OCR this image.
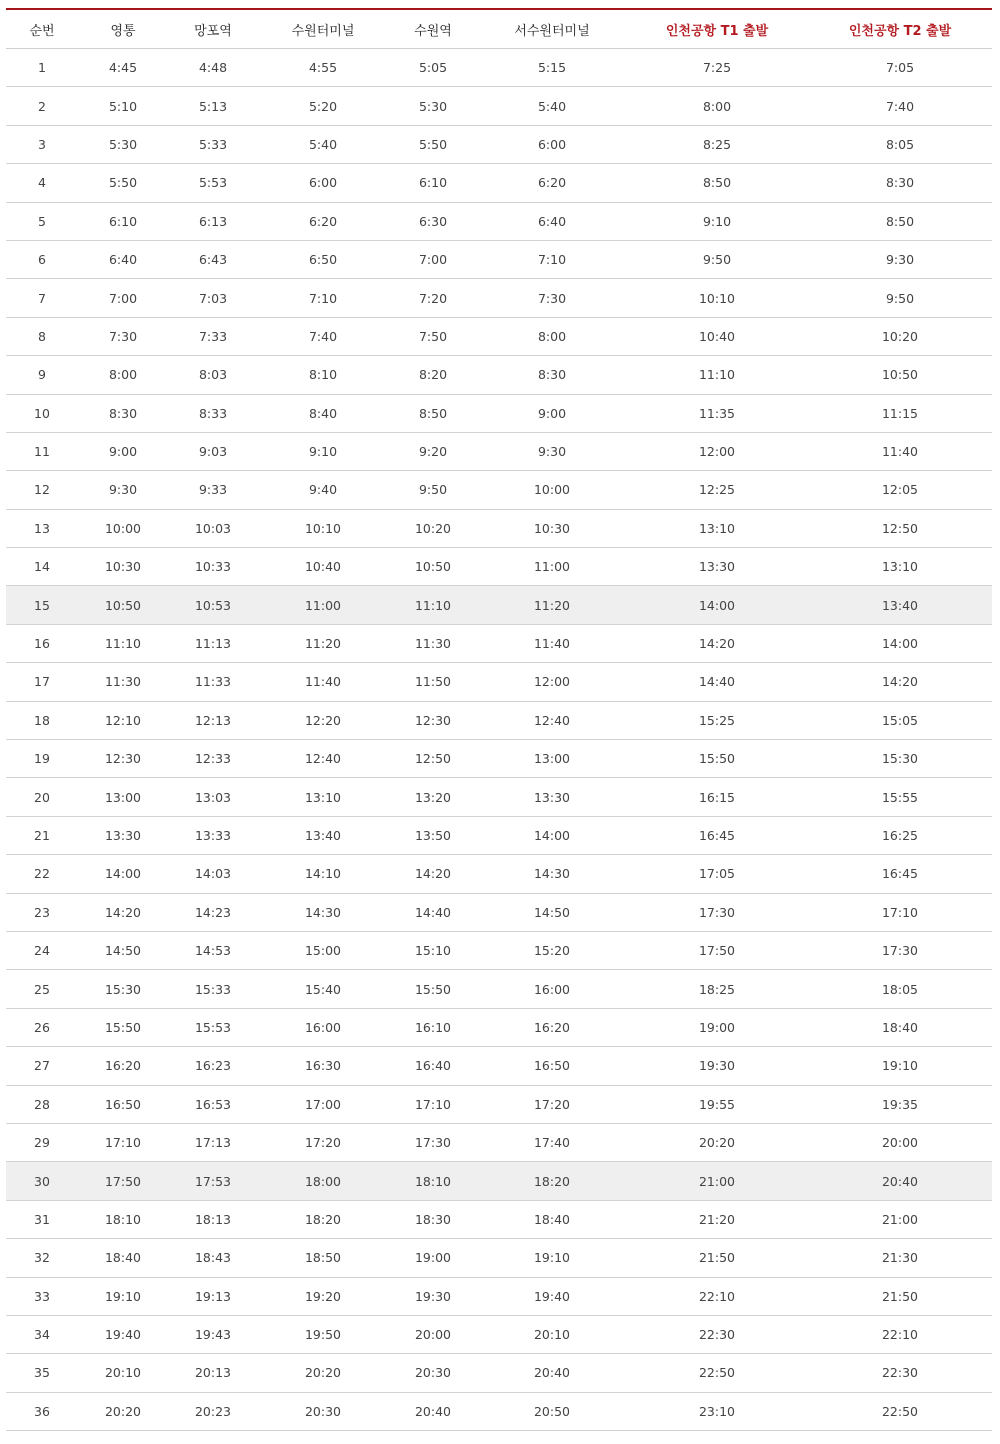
순번	영통	망포역	수원터미널	수원역	서수원터미널	인천공항 T1 출발	인천공항 T2 출발
1	4:45	4:48	4:55	5:05	5:15	7:25	7:05
2	5:10	5:13	5:20	5:30	5:40	8:00	7:40
3	5:30	5:33	5:40	5:50	6:00	8:25	8:05
4	5:50	5:53	6:00	6:10	6:20	8:50	8:30
5	6:10	6:13	6:20	6:30	6:40	9:10	8:50
6	6:40	6:43	6:50	7:00	7:10	9:50	9:30
7	7:00	7:03	7:10	7:20	7:30	10:10	9:50
8	7:30	7:33	7:40	7:50	8:00	10:40	10:20
9	8:00	8:03	8:10	8:20	8:30	11:10	10:50
10	8:30	8:33	8:40	8:50	9:00	11:35	11:15
11	9:00	9:03	9:10	9:20	9:30	12:00	11:40
12	9:30	9:33	9:40	9:50	10:00	12:25	12:05
13	10:00	10:03	10:10	10:20	10:30	13:10	12:50
14	10:30	10:33	10:40	10:50	11:00	13:30	13:10
15	10:50	10:53	11:00	11:10	11:20	14:00	13:40
16	11:10	11:13	11:20	11:30	11:40	14:20	14:00
17	11:30	11:33	11:40	11:50	12:00	14:40	14:20
18	12:10	12:13	12:20	12:30	12:40	15:25	15:05
19	12:30	12:33	12:40	12:50	13:00	15:50	15:30
20	13:00	13:03	13:10	13:20	13:30	16:15	15:55
21	13:30	13:33	13:40	13:50	14:00	16:45	16:25
22	14:00	14:03	14:10	14:20	14:30	17:05	16:45
23	14:20	14:23	14:30	14:40	14:50	17:30	17:10
24	14:50	14:53	15:00	15:10	15:20	17:50	17:30
25	15:30	15:33	15:40	15:50	16:00	18:25	18:05
26	15:50	15:53	16:00	16:10	16:20	19:00	18:40
27	16:20	16:23	16:30	16:40	16:50	19:30	19:10
28	16:50	16:53	17:00	17:10	17:20	19:55	19:35
29	17:10	17:13	17:20	17:30	17:40	20:20	20:00
30	17:50	17:53	18:00	18:10	18:20	21:00	20:40
31	18:10	18:13	18:20	18:30	18:40	21:20	21:00
32	18:40	18:43	18:50	19:00	19:10	21:50	21:30
33	19:10	19:13	19:20	19:30	19:40	22:10	21:50
34	19:40	19:43	19:50	20:00	20:10	22:30	22:10
35	20:10	20:13	20:20	20:30	20:40	22:50	22:30
36	20:20	20:23	20:30	20:40	20:50	23:10	22:50
